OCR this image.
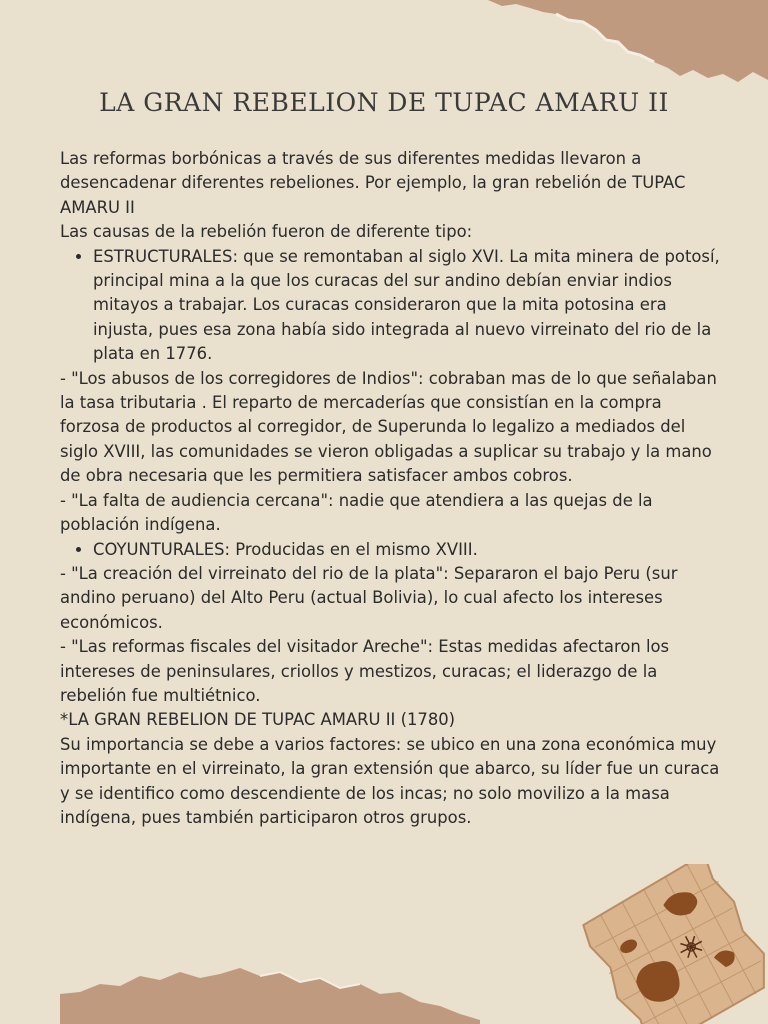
LA GRAN REBELION DE TUPAC AMARU II

Las reformas borbónicas a través de sus diferentes medidas llevaron a desencadenar diferentes rebeliones. Por ejemplo, la gran rebelión de TUPAC AMARU II

Las causas de la rebelión fueron de diferente tipo:

• ESTRUCTURALES: que se remontaban al siglo XVI. La mita minera de potosí, principal mina a la que los curacas del sur andino debían enviar indios mitayos a trabajar. Los curacas consideraron que la mita potosina era injusta, pues esa zona había sido integrada al nuevo virreinato del rio de la plata en 1776.

- "Los abusos de los corregidores de Indios": cobraban mas de lo que señalaban la tasa tributaria . El reparto de mercaderías que consistían en la compra forzosa de productos al corregidor, de Superunda lo legalizo a mediados del siglo XVIII, las comunidades se vieron obligadas a suplicar su trabajo y la mano de obra necesaria que les permitiera satisfacer ambos cobros.

- "La falta de audiencia cercana": nadie que atendiera a las quejas de la población indígena.

• COYUNTURALES: Producidas en el mismo XVIII.

- "La creación del virreinato del rio de la plata": Separaron el bajo Peru (sur andino peruano) del Alto Peru (actual Bolivia), lo cual afecto los intereses económicos.

- "Las reformas fiscales del visitador Areche": Estas medidas afectaron los intereses de peninsulares, criollos y mestizos, curacas; el liderazgo de la rebelión fue multiétnico.

*LA GRAN REBELION DE TUPAC AMARU II (1780)

Su importancia se debe a varios factores: se ubico en una zona económica muy importante en el virreinato, la gran extensión que abarco, su líder fue un curaca y se identifico como descendiente de los incas; no solo movilizo a la masa indígena, pues también participaron otros grupos.
